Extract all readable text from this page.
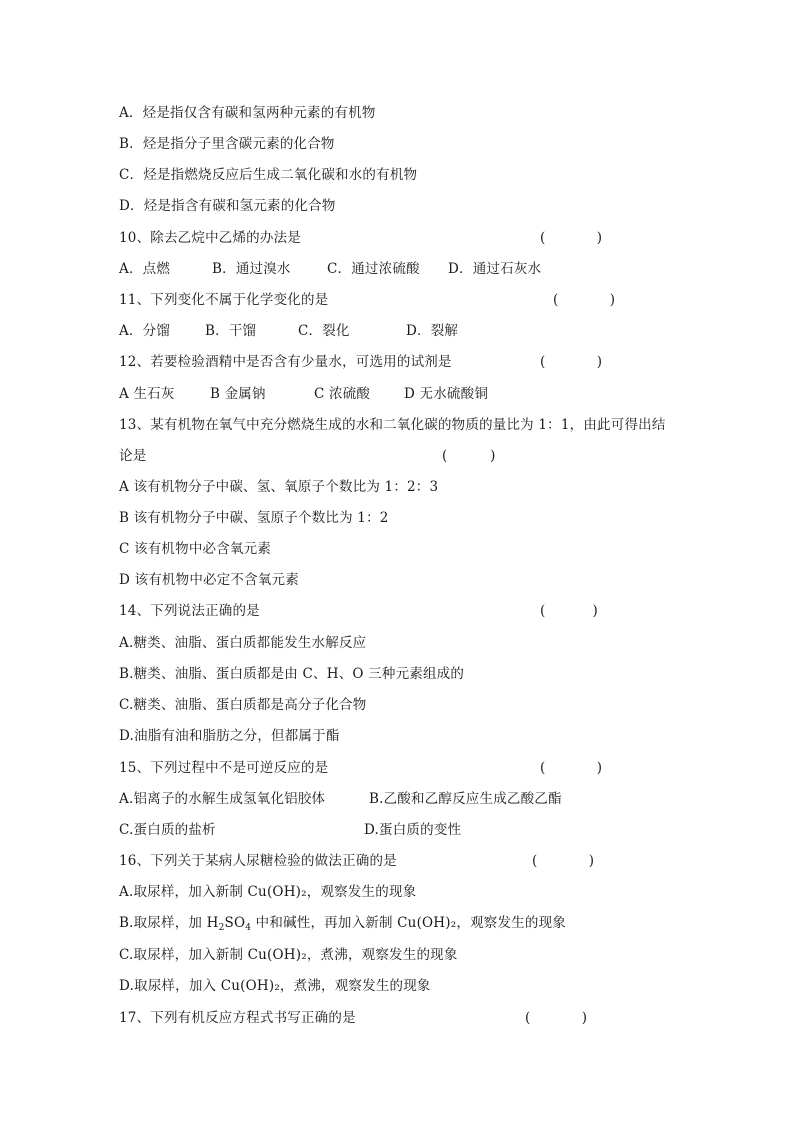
A．烃是指仅含有碳和氢两种元素的有机物
B．烃是指分子里含碳元素的化合物
C．烃是指燃烧反应后生成二氧化碳和水的有机物
D．烃是指含有碳和氢元素的化合物
10、除去乙烷中乙烯的办法是	(            )
A．点燃	B．通过溴水	C．通过浓硫酸 D．通过石灰水
11、下列变化不属于化学变化的是	(            )
A．分馏	B．干馏	C．裂化	D．裂解
12、若要检验酒精中是否含有少量水，可选用的试剂是	(            )
A 生石灰	B 金属钠	C 浓硫酸	D 无水硫酸铜
13、某有机物在氧气中充分燃烧生成的水和二氧化碳的物质的量比为 1：1，由此可得出结
论是	(          )
A 该有机物分子中碳、氢、氧原子个数比为 1：2：3
B 该有机物分子中碳、氢原子个数比为 1：2
C 该有机物中必含氧元素
D 该有机物中必定不含氧元素
14、下列说法正确的是	(           )
A.糖类、油脂、蛋白质都能发生水解反应
B.糖类、油脂、蛋白质都是由 C、H、O 三种元素组成的
C.糖类、油脂、蛋白质都是高分子化合物
D.油脂有油和脂肪之分，但都属于酯
15、下列过程中不是可逆反应的是	(            )
A.铝离子的水解生成氢氧化铝胶体	B.乙酸和乙醇反应生成乙酸乙酯
C.蛋白质的盐析	D.蛋白质的变性
16、下列关于某病人尿糖检验的做法正确的是	(            )
A.取尿样，加入新制 Cu(OH)₂，观察发生的现象
B.取尿样，加 $H_2SO_4$ 中和碱性，再加入新制 Cu(OH)₂，观察发生的现象
C.取尿样，加入新制 Cu(OH)₂，煮沸，观察发生的现象
D.取尿样，加入 Cu(OH)₂，煮沸，观察发生的现象
17、下列有机反应方程式书写正确的是	(            )
